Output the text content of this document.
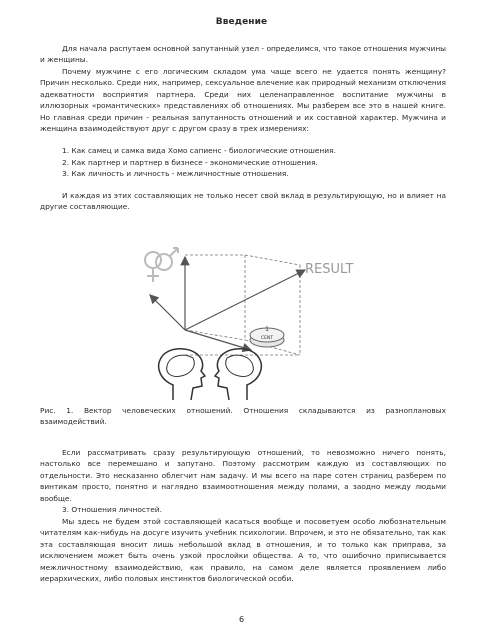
Введение

Для начала распутаем основной запутанный узел - определимся, что такое отношения мужчины и женщины.

Почему мужчине с его логическим складом ума чаще всего не удается понять женщину? Причин несколько. Среди них, например, сексуальное влечение как природный механизм отключения адекватности восприятия партнера. Среди них целенаправленное воспитание мужчины в иллюзорных «романтических» представлениях об отношениях. Мы разберем все это в нашей книге. Но главная среди причин - реальная запутанность отношений и их составной характер. Мужчина и женщина взаимодействуют друг с другом сразу в трех измерениях:

1. Как самец и самка вида Хомо сапиенс - биологические отношения.
2. Как партнер и партнер в бизнесе - экономические отношения.
3. Как личность и личность - межличностные отношения.

И каждая из этих составляющих не только несет свой вклад в результирующую, но и влияет на другие составляющие.

RESULT
1
CENT

Рис. 1. Вектор человеческих отношений. Отношения складываются из разноплановых взаимодействий.

Если рассматривать сразу результирующую отношений, то невозможно ничего понять, настолько все перемешано и запутано. Поэтому рассмотрим каждую из составляющих по отдельности. Это несказанно облегчит нам задачу. И мы всего на паре сотен страниц разберем по винтикам просто, понятно и наглядно взаимоотношения между полами, а заодно между людьми вообще.

3. Отношения личностей.

Мы здесь не будем этой составляющей касаться вообще и посоветуем особо любознательным читателям как-нибудь на досуге изучить учебник психологии. Впрочем, и это не обязательно, так как эта составляющая вносит лишь небольшой вклад в отношения, и то только как приправа, за исключением может быть очень узкой прослойки общества. А то, что ошибочно приписывается межличностному взаимодействию, как правило, на самом деле является проявлением либо иерархических, либо половых инстинктов биологической особи.

6
